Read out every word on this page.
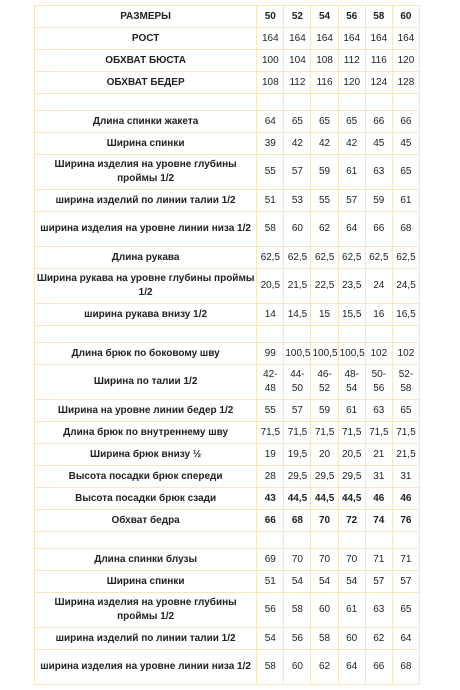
РАЗМЕРЫ	50	52	54	56	58	60
РОСТ	164	164	164	164	164	164
ОБХВАТ БЮСТА	100	104	108	112	116	120
ОБХВАТ БЕДЕР	108	112	116	120	124	128

Длина спинки жакета	64	65	65	65	66	66
Ширина спинки	39	42	42	42	45	45
Ширина изделия на уровне глубины проймы 1/2	55	57	59	61	63	65
ширина изделий по линии талии 1/2	51	53	55	57	59	61
ширина изделия на уровне линии низа 1/2	58	60	62	64	66	68
Длина рукава	62,5	62,5	62,5	62,5	62,5	62,5
Ширина рукава на уровне глубины проймы 1/2	20,5	21,5	22,5	23,5	24	24,5
ширина рукава внизу 1/2	14	14,5	15	15,5	16	16,5

Длина брюк по боковому шву	99	100,5	100,5	100,5	102	102
Ширина по талии 1/2	42-48	44-50	46-52	48-54	50-56	52-58
Ширина на уровне линии бедер 1/2	55	57	59	61	63	65
Длина брюк по внутреннему шву	71,5	71,5	71,5	71,5	71,5	71,5
Ширина брюк внизу ½	19	19,5	20	20,5	21	21,5
Высота посадки брюк спереди	28	29,5	29,5	29,5	31	31
Высота посадки брюк сзади	43	44,5	44,5	44,5	46	46
Обхват бедра	66	68	70	72	74	76

Длина спинки блузы	69	70	70	70	71	71
Ширина спинки	51	54	54	54	57	57
Ширина изделия на уровне глубины проймы 1/2	56	58	60	61	63	65
ширина изделий по линии талии 1/2	54	56	58	60	62	64
ширина изделия на уровне линии низа 1/2	58	60	62	64	66	68
